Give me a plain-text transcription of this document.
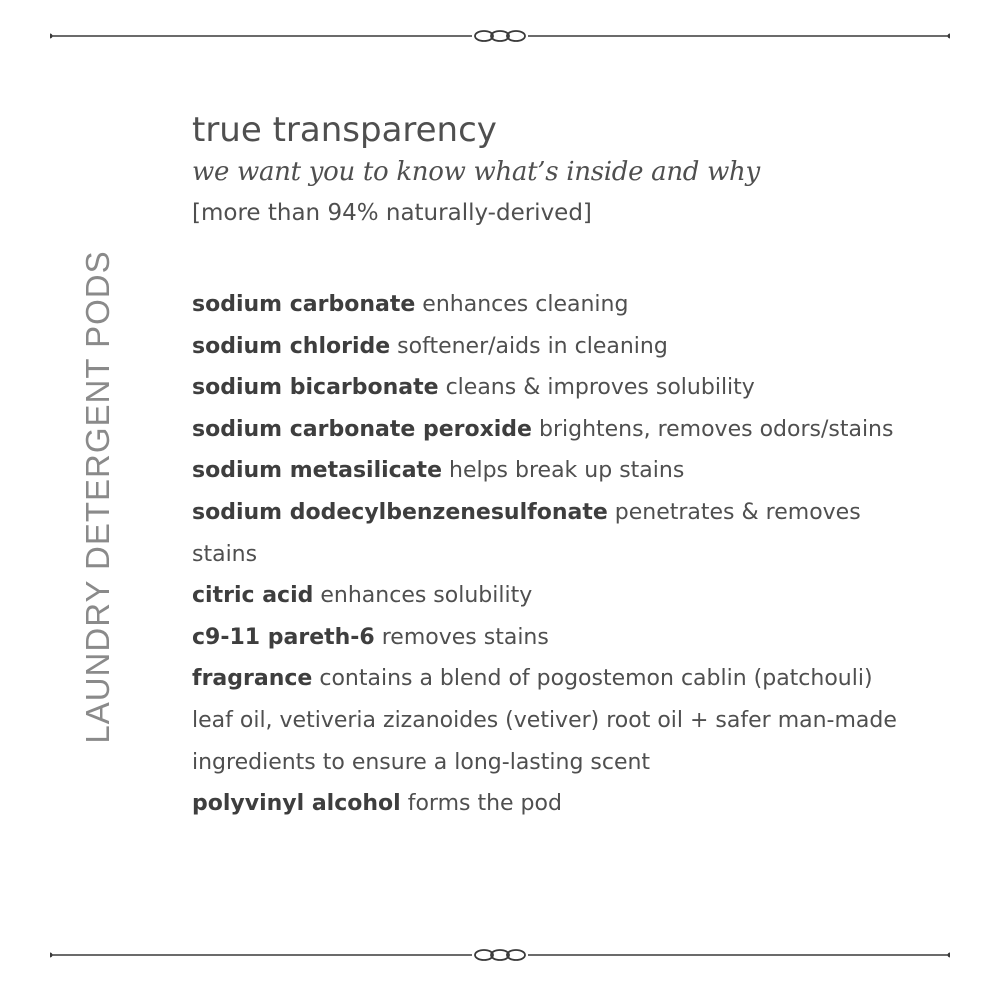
LAUNDRY DETERGENT PODS
true transparency

we want you to know what’s inside and why

[more than 94% naturally-derived]

sodium carbonate enhances cleaning
sodium chloride softener/aids in cleaning
sodium bicarbonate cleans & improves solubility
sodium carbonate peroxide brightens, removes odors/stains
sodium metasilicate helps break up stains
sodium dodecylbenzenesulfonate penetrates & removes stains
citric acid enhances solubility
c9-11 pareth-6 removes stains
fragrance contains a blend of pogostemon cablin (patchouli) leaf oil, vetiveria zizanoides (vetiver) root oil + safer man-made ingredients to ensure a long-lasting scent
polyvinyl alcohol forms the pod
